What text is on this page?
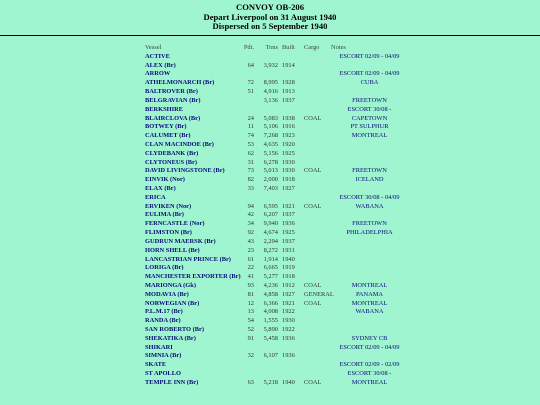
CONVOY OB-206
Depart Liverpool on 31 August 1940
Dispersed on 5 September 1940
Vessel	Pdt.	Tons Built	Cargo Notes
ACTIVE	ESCORT 02/09 - 04/09
ALEX (Br)	64	3,932 1914
ARROW	ESCORT 02/09 - 04/09
ATHELMONARCH (Br)	72	8,995 1928	CUBA
BALTROVER (Br)	51	4,916 1913
BELGRAVIAN (Br)	3,136 1937	FREETOWN
BERKSHIRE	ESCORT 30/08 -
BLAIRCLOVA (Br)	24	5,083 1938	COAL	CAPETOWN
BOTWEY (Br)	11	5,106 1916	PT SULPHUR
CALUMET (Br)	74	7,268 1923	MONTREAL
CLAN MACINDOE (Br)	53	4,635 1920
CLYDEBANK (Br)	62	5,156 1925
CLYTONEUS (Br)	31	6,278 1930
DAVID LIVINGSTONE (Br)	73	5,013 1930	COAL	FREETOWN
EINVIK (Nor)	82	2,000 1918	ICELAND
ELAX (Br)	33	7,403 1927
ERICA	ESCORT 30/08 - 04/09
ERVIKEN (Nor)	94	6,595 1921	COAL	WABANA
EULIMA (Br)	42	6,207 1937
FERNCASTLE (Nor)	34	9,940 1936	FREETOWN
FLIMSTON (Br)	92	4,674 1925	PHILADELPHIA
GUDRUN MAERSK (Br)	43	2,294 1937
HORN SHELL (Br)	23	8,272 1931
LANCASTRIAN PRINCE (Br)	61	1,914 1940
LORIGA (Br)	22	6,665 1919
MANCHESTER EXPORTER (Br)	41	5,277 1918
MARIONGA (Gk)	93	4,236 1912	COAL	MONTREAL
MODAVIA (Br)	81	4,858 1927	GENERAL	PANAMA
NORWEGIAN (Br)	12	6,366 1921	COAL	MONTREAL
P.L.M.17 (Br)	13	4,008 1922	WABANA
RANDA (Br)	54	1,555 1930
SAN ROBERTO (Br)	52	5,890 1922
SHEKATIKA (Br)	91	5,458 1936	SYDNEY CB
SHIKARI	ESCORT 02/09 - 04/09
SIMNIA (Br)	32	6,107 1936
SKATE	ESCORT 02/09 - 02/09
ST APOLLO	ESCORT 30/08 -
TEMPLE INN (Br)	63	5,218 1940	COAL	MONTREAL
